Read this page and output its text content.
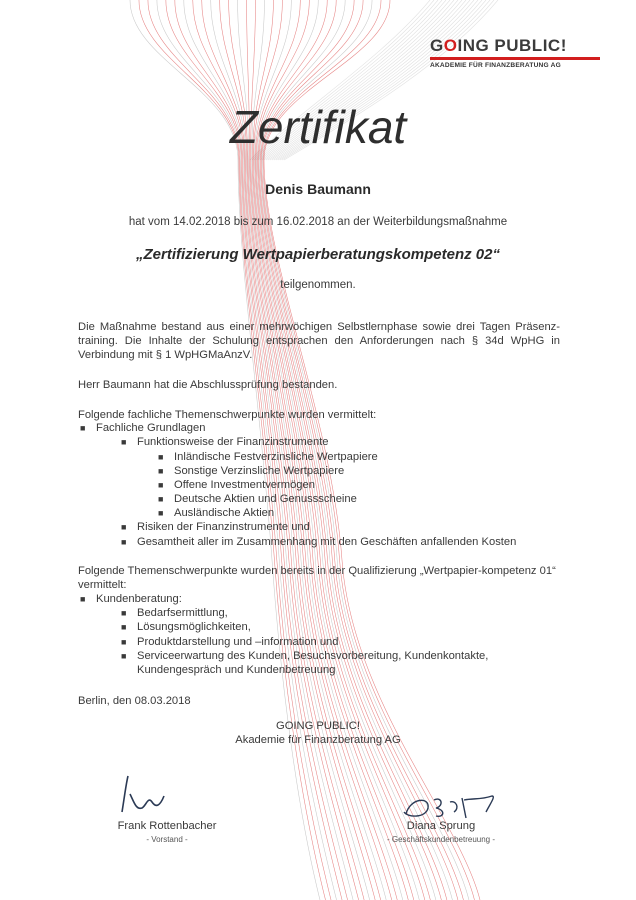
GOING PUBLIC!
AKADEMIE FÜR FINANZBERATUNG AG
Zertifikat
Denis Baumann
hat vom 14.02.2018 bis zum 16.02.2018 an der Weiterbildungsmaßnahme
„Zertifizierung Wertpapierberatungskompetenz 02“
teilgenommen.
Die Maßnahme bestand aus einer mehrwöchigen Selbstlernphase sowie drei Tagen Präsenz-training. Die Inhalte der Schulung entsprachen den Anforderungen nach § 34d WpHG in Verbindung mit § 1 WpHGMaAnzV.
Herr Baumann hat die Abschlussprüfung bestanden.
Folgende fachliche Themenschwerpunkte wurden vermittelt:
■ Fachliche Grundlagen
■ Funktionsweise der Finanzinstrumente
■ Inländische Festverzinsliche Wertpapiere
■ Sonstige Verzinsliche Wertpapiere
■ Offene Investmentvermögen
■ Deutsche Aktien und Genussscheine
■ Ausländische Aktien
■ Risiken der Finanzinstrumente und
■ Gesamtheit aller im Zusammenhang mit den Geschäften anfallenden Kosten
Folgende Themenschwerpunkte wurden bereits in der Qualifizierung „Wertpapier-kompetenz 01“ vermittelt:
■ Kundenberatung:
■ Bedarfsermittlung,
■ Lösungsmöglichkeiten,
■ Produktdarstellung und –information und
■ Serviceerwartung des Kunden, Besuchsvorbereitung, Kundenkontakte,
Kundengespräch und Kundenbetreuung
Berlin, den 08.03.2018
GOING PUBLIC!
Akademie für Finanzberatung AG
Frank Rottenbacher
- Vorstand -
Diana Sprung
- Geschäftskundenbetreuung -
